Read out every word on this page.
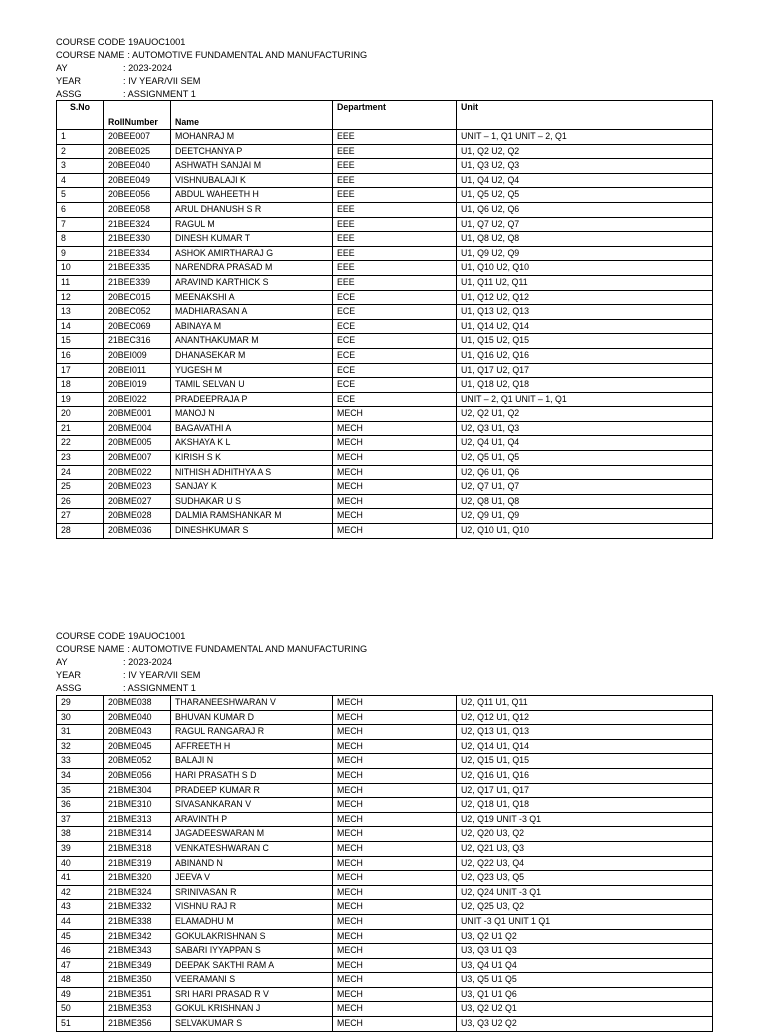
COURSE CODE
: 19AUOC1001
COURSE NAME : AUTOMOTIVE FUNDAMENTAL AND MANUFACTURING
AY	: 2023-2024
YEAR	: IV YEAR/VII SEM
ASSG	: ASSIGNMENT 1
S.No	RollNumber	Name	Department	Unit
1	20BEE007	MOHANRAJ M	EEE	UNIT – 1, Q1 UNIT – 2, Q1
2	20BEE025	DEETCHANYA P	EEE	U1, Q2 U2, Q2
3	20BEE040	ASHWATH SANJAI M	EEE	U1, Q3 U2, Q3
4	20BEE049	VISHNUBALAJI K	EEE	U1, Q4 U2, Q4
5	20BEE056	ABDUL WAHEETH H	EEE	U1, Q5 U2, Q5
6	20BEE058	ARUL DHANUSH S R	EEE	U1, Q6 U2, Q6
7	21BEE324	RAGUL M	EEE	U1, Q7 U2, Q7
8	21BEE330	DINESH KUMAR T	EEE	U1, Q8 U2, Q8
9	21BEE334	ASHOK AMIRTHARAJ G	EEE	U1, Q9 U2, Q9
10	21BEE335	NARENDRA PRASAD M	EEE	U1, Q10 U2, Q10
11	21BEE339	ARAVIND KARTHICK S	EEE	U1, Q11 U2, Q11
12	20BEC015	MEENAKSHI A	ECE	U1, Q12 U2, Q12
13	20BEC052	MADHIARASAN A	ECE	U1, Q13 U2, Q13
14	20BEC069	ABINAYA M	ECE	U1, Q14 U2, Q14
15	21BEC316	ANANTHAKUMAR M	ECE	U1, Q15 U2, Q15
16	20BEI009	DHANASEKAR M	ECE	U1, Q16 U2, Q16
17	20BEI011	YUGESH M	ECE	U1, Q17 U2, Q17
18	20BEI019	TAMIL SELVAN U	ECE	U1, Q18 U2, Q18
19	20BEI022	PRADEEPRAJA P	ECE	UNIT – 2, Q1 UNIT – 1, Q1
20	20BME001	MANOJ N	MECH	U2, Q2 U1, Q2
21	20BME004	BAGAVATHI A	MECH	U2, Q3 U1, Q3
22	20BME005	AKSHAYA K L	MECH	U2, Q4 U1, Q4
23	20BME007	KIRISH S K	MECH	U2, Q5 U1, Q5
24	20BME022	NITHISH ADHITHYA A S	MECH	U2, Q6 U1, Q6
25	20BME023	SANJAY K	MECH	U2, Q7 U1, Q7
26	20BME027	SUDHAKAR U S	MECH	U2, Q8 U1, Q8
27	20BME028	DALMIA RAMSHANKAR M	MECH	U2, Q9 U1, Q9
28	20BME036	DINESHKUMAR S	MECH	U2, Q10 U1, Q10
COURSE CODE
: 19AUOC1001
COURSE NAME : AUTOMOTIVE FUNDAMENTAL AND MANUFACTURING
AY	: 2023-2024
YEAR	: IV YEAR/VII SEM
ASSG	: ASSIGNMENT 1
29	20BME038	THARANEESHWARAN V	MECH	U2, Q11 U1, Q11
30	20BME040	BHUVAN KUMAR D	MECH	U2, Q12 U1, Q12
31	20BME043	RAGUL RANGARAJ R	MECH	U2, Q13 U1, Q13
32	20BME045	AFFREETH H	MECH	U2, Q14 U1, Q14
33	20BME052	BALAJI N	MECH	U2, Q15 U1, Q15
34	20BME056	HARI PRASATH S D	MECH	U2, Q16 U1, Q16
35	21BME304	PRADEEP KUMAR R	MECH	U2, Q17 U1, Q17
36	21BME310	SIVASANKARAN V	MECH	U2, Q18 U1, Q18
37	21BME313	ARAVINTH P	MECH	U2, Q19 UNIT -3 Q1
38	21BME314	JAGADEESWARAN M	MECH	U2, Q20 U3, Q2
39	21BME318	VENKATESHWARAN C	MECH	U2, Q21 U3, Q3
40	21BME319	ABINAND N	MECH	U2, Q22 U3, Q4
41	21BME320	JEEVA V	MECH	U2, Q23 U3, Q5
42	21BME324	SRINIVASAN R	MECH	U2, Q24 UNIT -3 Q1
43	21BME332	VISHNU RAJ R	MECH	U2, Q25 U3, Q2
44	21BME338	ELAMADHU M	MECH	UNIT -3 Q1 UNIT 1 Q1
45	21BME342	GOKULAKRISHNAN S	MECH	U3, Q2 U1 Q2
46	21BME343	SABARI IYYAPPAN S	MECH	U3, Q3 U1 Q3
47	21BME349	DEEPAK SAKTHI RAM A	MECH	U3, Q4 U1 Q4
48	21BME350	VEERAMANI S	MECH	U3, Q5 U1 Q5
49	21BME351	SRI HARI PRASAD R V	MECH	U3, Q1 U1 Q6
50	21BME353	GOKUL KRISHNAN J	MECH	U3, Q2 U2 Q1
51	21BME356	SELVAKUMAR S	MECH	U3, Q3 U2 Q2
